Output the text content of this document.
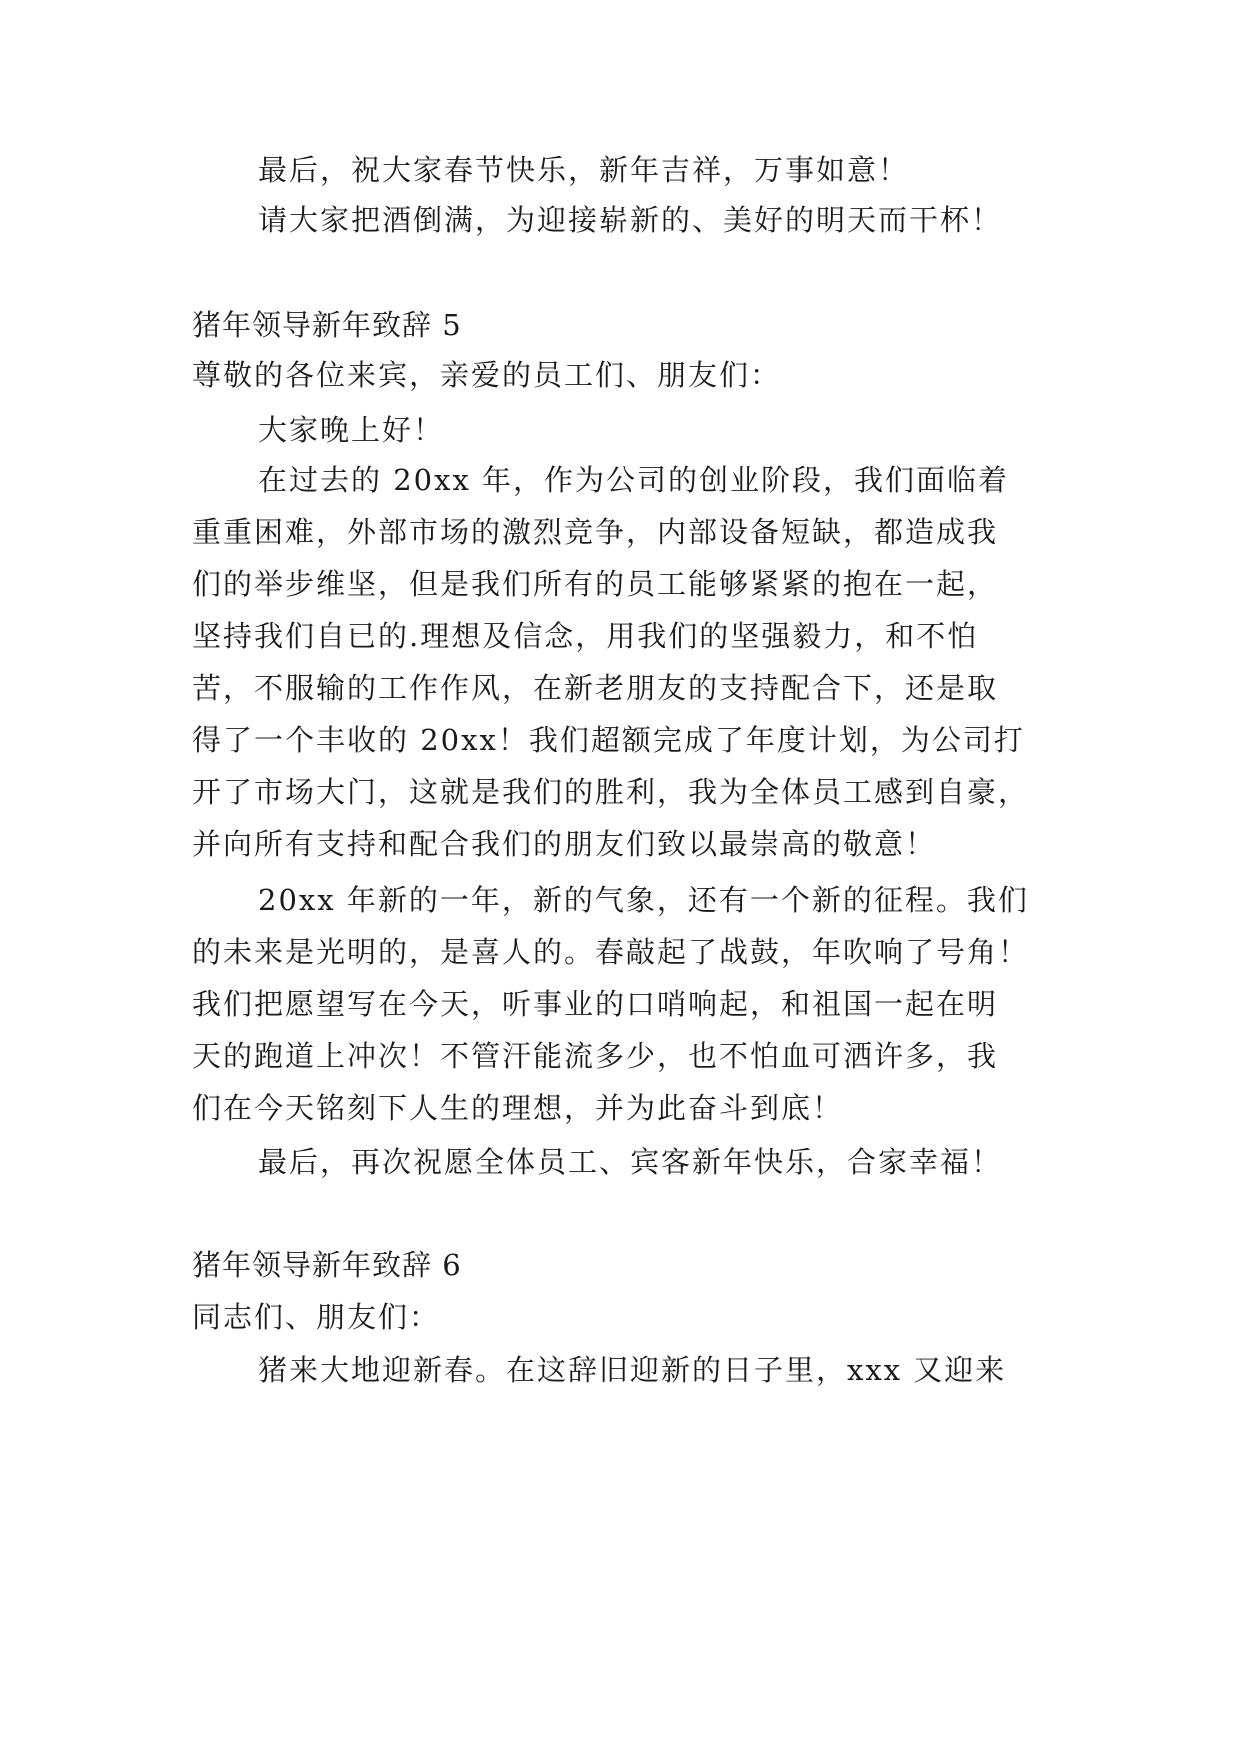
最后，祝大家春节快乐，新年吉祥，万事如意！
请大家把酒倒满，为迎接崭新的、美好的明天而干杯！
猪年领导新年致辞 5
尊敬的各位来宾，亲爱的员工们、朋友们：
大家晚上好！
在过去的 20xx 年，作为公司的创业阶段，我们面临着
重重困难，外部市场的激烈竞争，内部设备短缺，都造成我
们的举步维坚，但是我们所有的员工能够紧紧的抱在一起，
坚持我们自已的.理想及信念，用我们的坚强毅力，和不怕
苦，不服输的工作作风，在新老朋友的支持配合下，还是取
得了一个丰收的 20xx！我们超额完成了年度计划，为公司打
开了市场大门，这就是我们的胜利，我为全体员工感到自豪，
并向所有支持和配合我们的朋友们致以最崇高的敬意！
20xx 年新的一年，新的气象，还有一个新的征程。我们
的未来是光明的，是喜人的。春敲起了战鼓，年吹响了号角！
我们把愿望写在今天，听事业的口哨响起，和祖国一起在明
天的跑道上冲次！不管汗能流多少，也不怕血可洒许多，我
们在今天铭刻下人生的理想，并为此奋斗到底！
最后，再次祝愿全体员工、宾客新年快乐，合家幸福！
猪年领导新年致辞 6
同志们、朋友们：
猪来大地迎新春。在这辞旧迎新的日子里，xxx 又迎来
